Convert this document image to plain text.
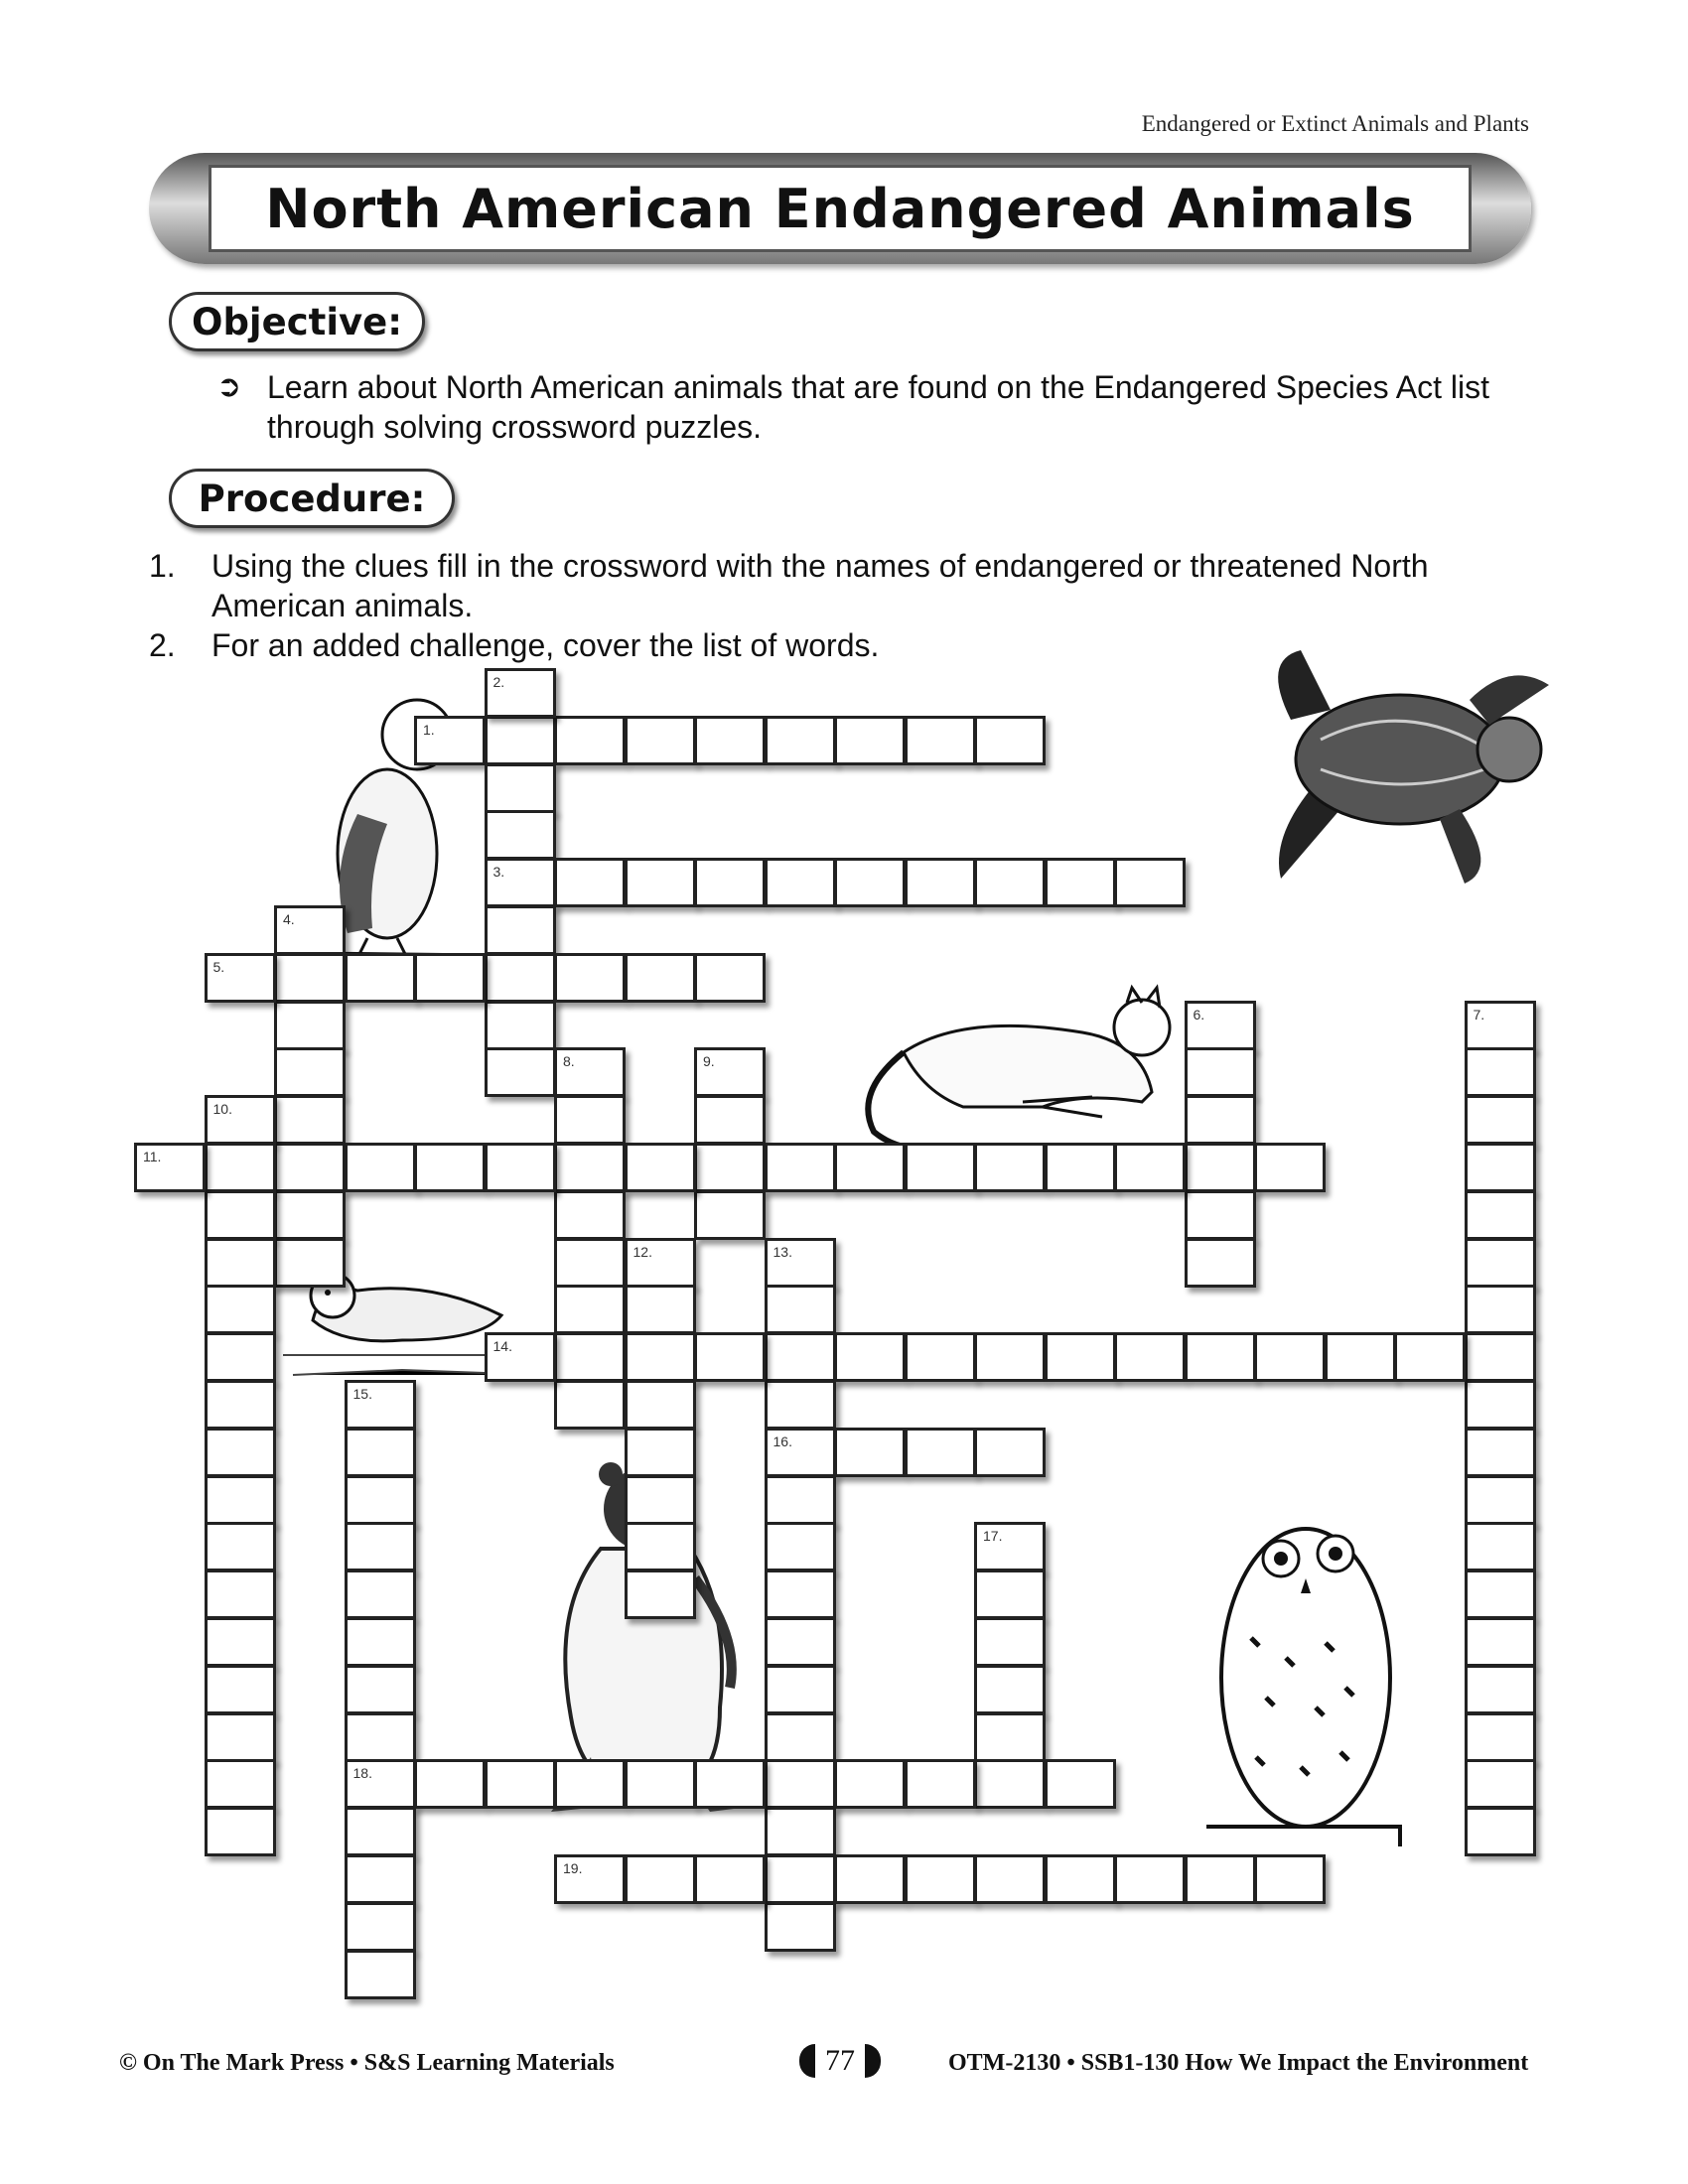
Endangered or Extinct Animals and Plants
North American Endangered Animals
Objective:
➲ Learn about North American animals that are found on the Endangered Species Act list through solving crossword puzzles.
Procedure:
1. Using the clues fill in the crossword with the names of endangered or threatened North American animals.
2. For an added challenge, cover the list of words.
1.
2.
3.
4.
5.
6.	7.
8.	9.
10.
11.
12.	13.
16.
14.
15.
18.
17.
19.
© On The Mark Press • S&S Learning Materials	77	OTM-2130 • SSB1-130 How We Impact the Environment
